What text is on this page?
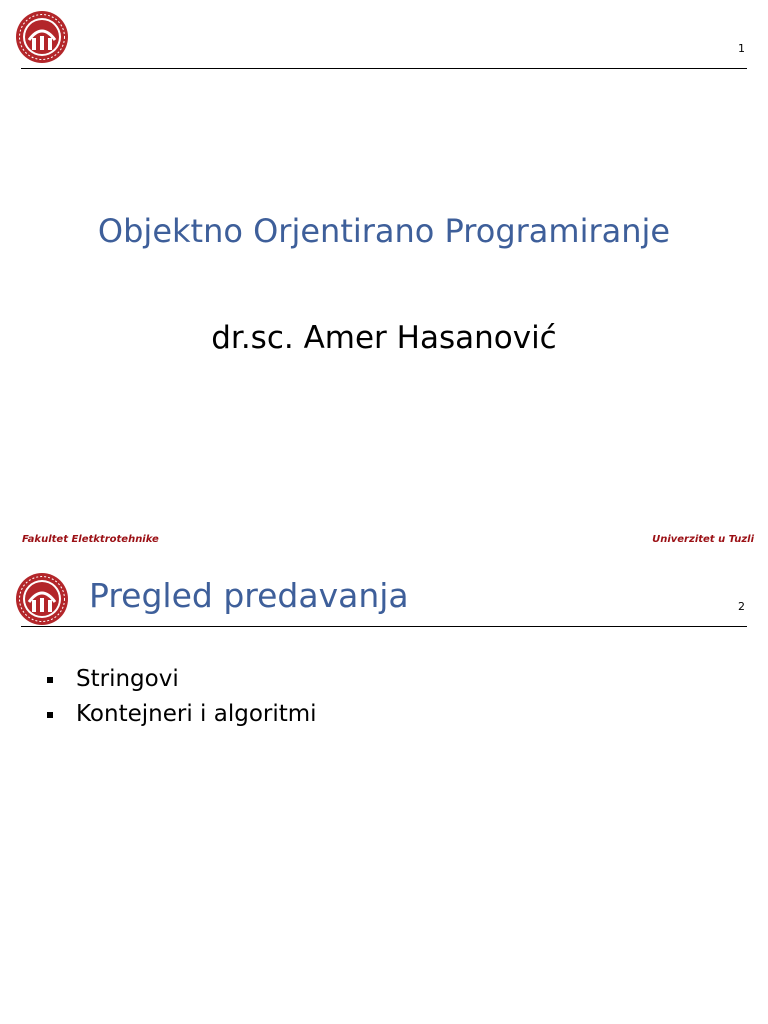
1
Objektno Orjentirano Programiranje
dr.sc. Amer Hasanović
Fakultet Eletktrotehnike	Univerzitet u Tuzli
Pregled predavanja	2
Stringovi
Kontejneri i algoritmi
